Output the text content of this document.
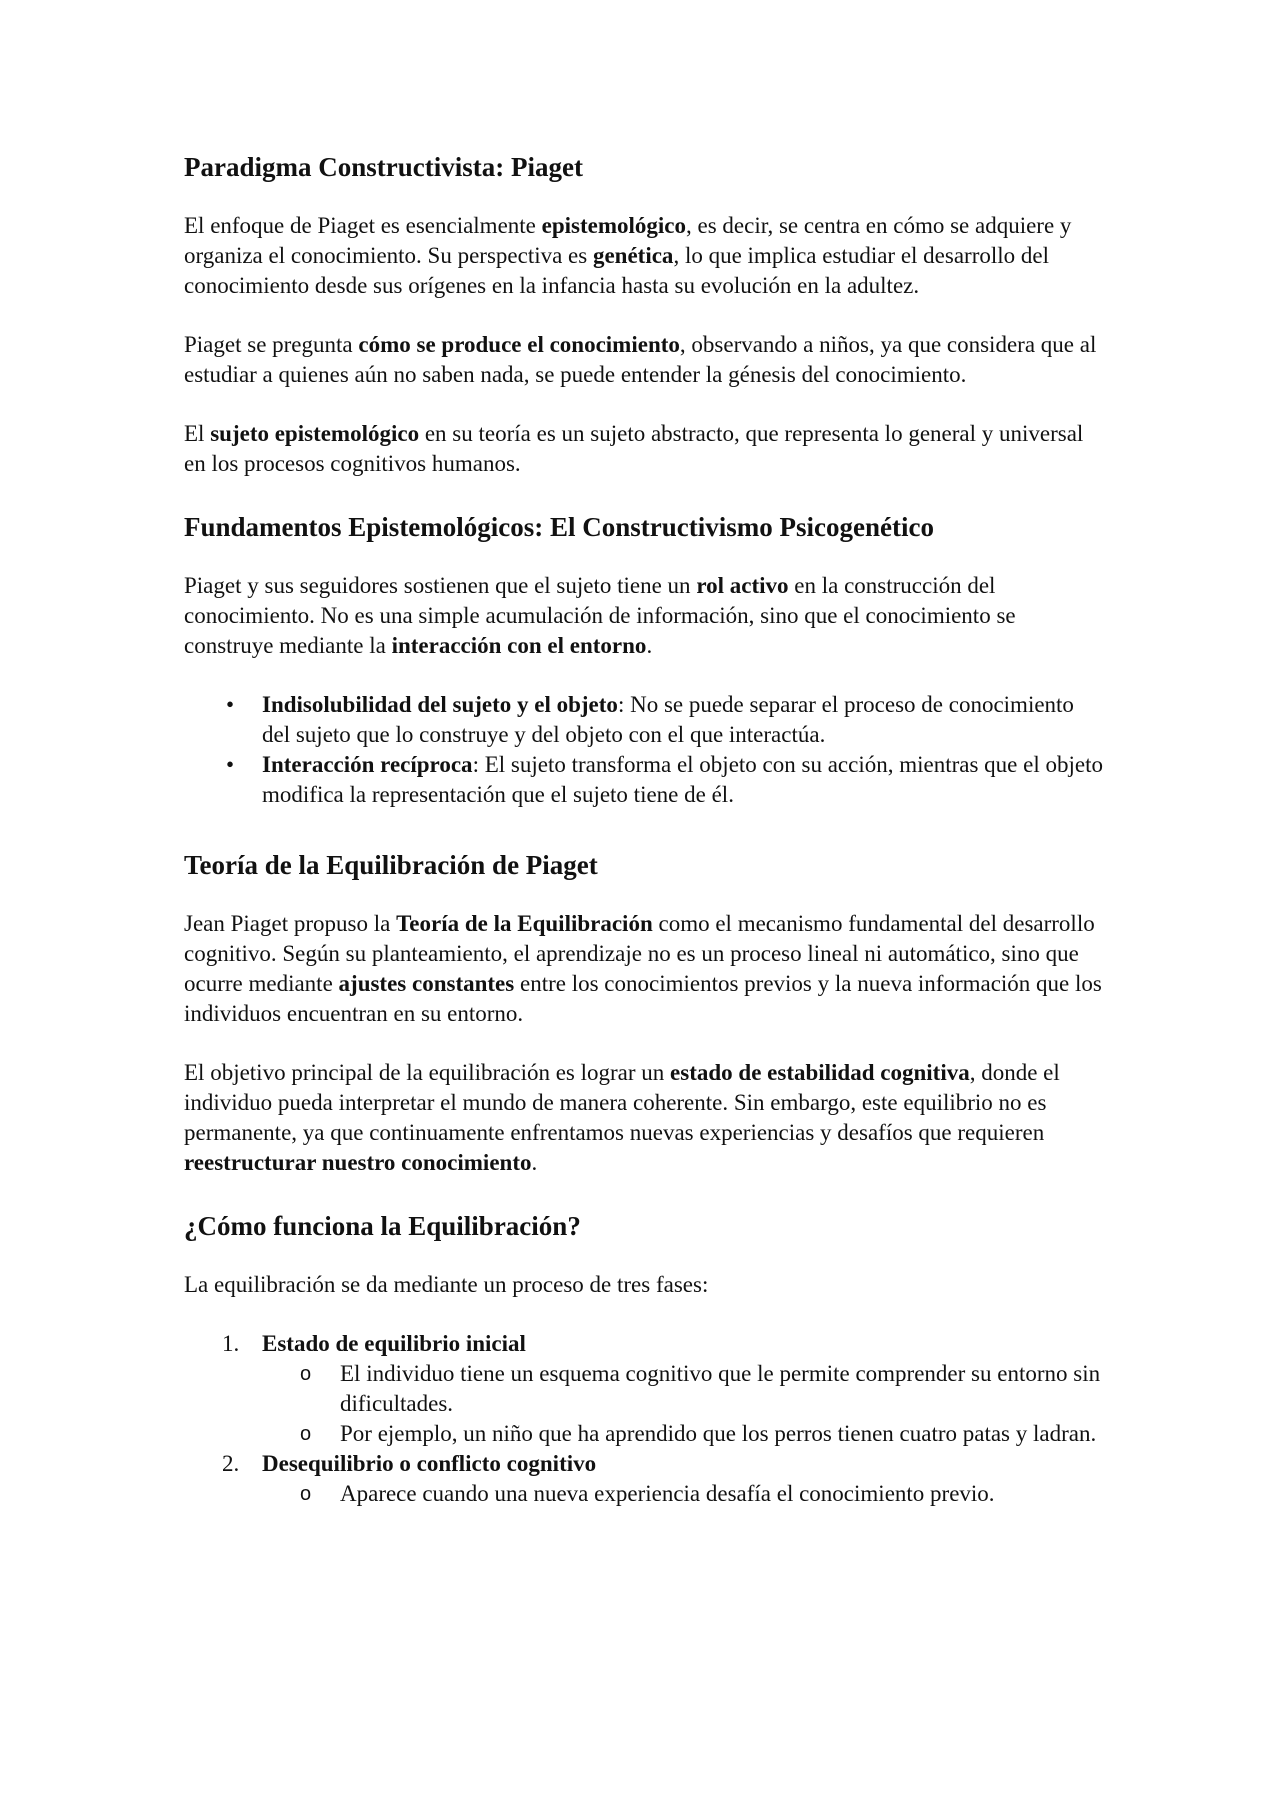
Paradigma Constructivista: Piaget

El enfoque de Piaget es esencialmente epistemológico, es decir, se centra en cómo se adquiere y organiza el conocimiento. Su perspectiva es genética, lo que implica estudiar el desarrollo del conocimiento desde sus orígenes en la infancia hasta su evolución en la adultez.

Piaget se pregunta cómo se produce el conocimiento, observando a niños, ya que considera que al estudiar a quienes aún no saben nada, se puede entender la génesis del conocimiento.

El sujeto epistemológico en su teoría es un sujeto abstracto, que representa lo general y universal en los procesos cognitivos humanos.

Fundamentos Epistemológicos: El Constructivismo Psicogenético

Piaget y sus seguidores sostienen que el sujeto tiene un rol activo en la construcción del conocimiento. No es una simple acumulación de información, sino que el conocimiento se construye mediante la interacción con el entorno.

• Indisolubilidad del sujeto y el objeto: No se puede separar el proceso de conocimiento del sujeto que lo construye y del objeto con el que interactúa.
• Interacción recíproca: El sujeto transforma el objeto con su acción, mientras que el objeto modifica la representación que el sujeto tiene de él.
Teoría de la Equilibración de Piaget

Jean Piaget propuso la Teoría de la Equilibración como el mecanismo fundamental del desarrollo cognitivo. Según su planteamiento, el aprendizaje no es un proceso lineal ni automático, sino que ocurre mediante ajustes constantes entre los conocimientos previos y la nueva información que los individuos encuentran en su entorno.

El objetivo principal de la equilibración es lograr un estado de estabilidad cognitiva, donde el individuo pueda interpretar el mundo de manera coherente. Sin embargo, este equilibrio no es permanente, ya que continuamente enfrentamos nuevas experiencias y desafíos que requieren reestructurar nuestro conocimiento.

¿Cómo funciona la Equilibración?

La equilibración se da mediante un proceso de tres fases:

1. Estado de equilibrio inicial
o El individuo tiene un esquema cognitivo que le permite comprender su entorno sin dificultades.
o Por ejemplo, un niño que ha aprendido que los perros tienen cuatro patas y ladran.
2. Desequilibrio o conflicto cognitivo
o Aparece cuando una nueva experiencia desafía el conocimiento previo.
